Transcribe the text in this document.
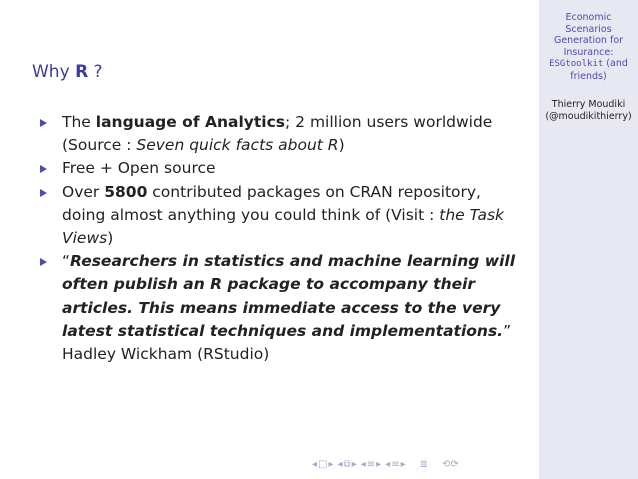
Economic
Scenarios
Generation for
Insurance:
ESGtoolkit (and
friends)
Thierry Moudiki
(@moudikithierry)
Why R ?
The language of Analytics; 2 million users worldwide (Source : Seven quick facts about R)
Free + Open source
Over 5800 contributed packages on CRAN repository, doing almost anything you could think of (Visit : the Task Views)
“Researchers in statistics and machine learning will often publish an R package to accompany their articles. This means immediate access to the very latest statistical techniques and implementations.” Hadley Wickham (RStudio)
◂ □ ▸ ◂ ⧉ ▸ ◂ ≡ ▸ ◂ ≡ ▸ ≣ ⟲⟳
